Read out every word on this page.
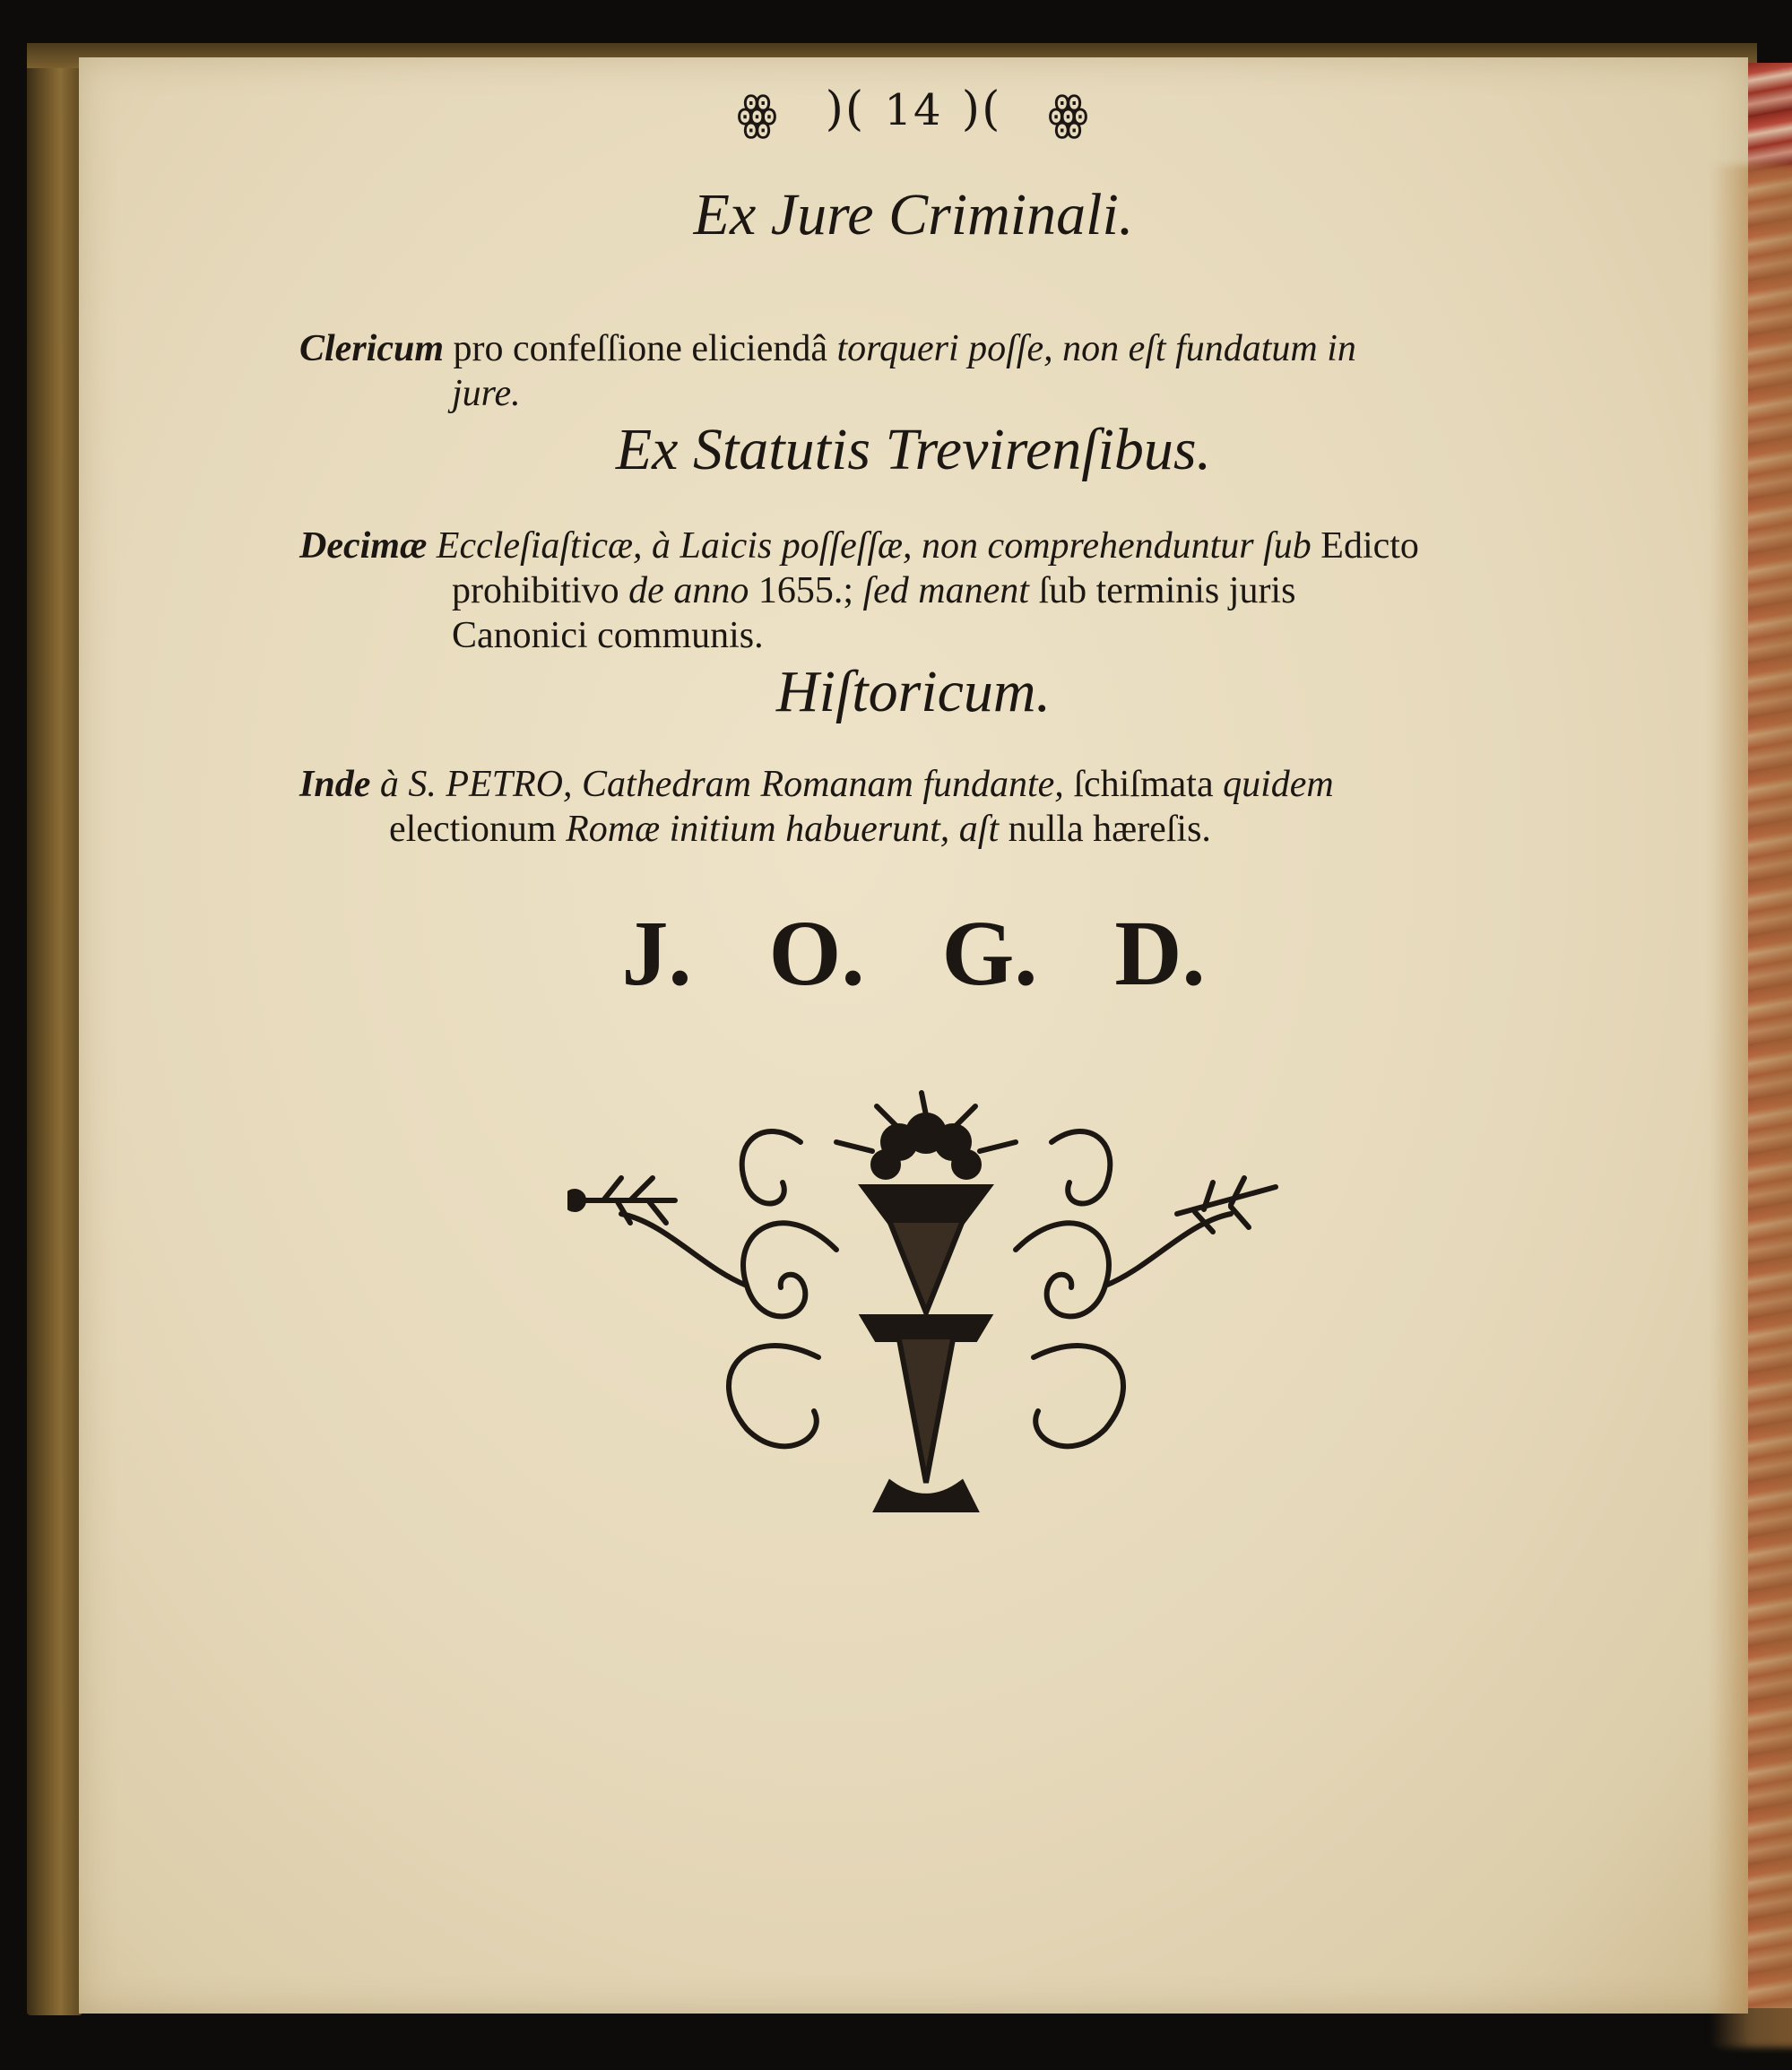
ꙮ )( 14 )( ꙮ
Ex Jure Criminali.
Clericum pro confeſſione eliciendâ torqueri poſſe, non eſt fundatum in
jure.
Ex Statutis Trevirenſibus.
Decimæ Eccleſiaſticæ, à Laicis poſſeſſæ, non comprehenduntur ſub Edicto
prohibitivo de anno 1655.; ſed manent ſub terminis juris
Canonici communis.
Hiſtoricum.
Inde à S. PETRO, Cathedram Romanam fundante, ſchiſmata quidem
electionum Romæ initium habuerunt, aſt nulla hæreſis.
J. O. G. D.
